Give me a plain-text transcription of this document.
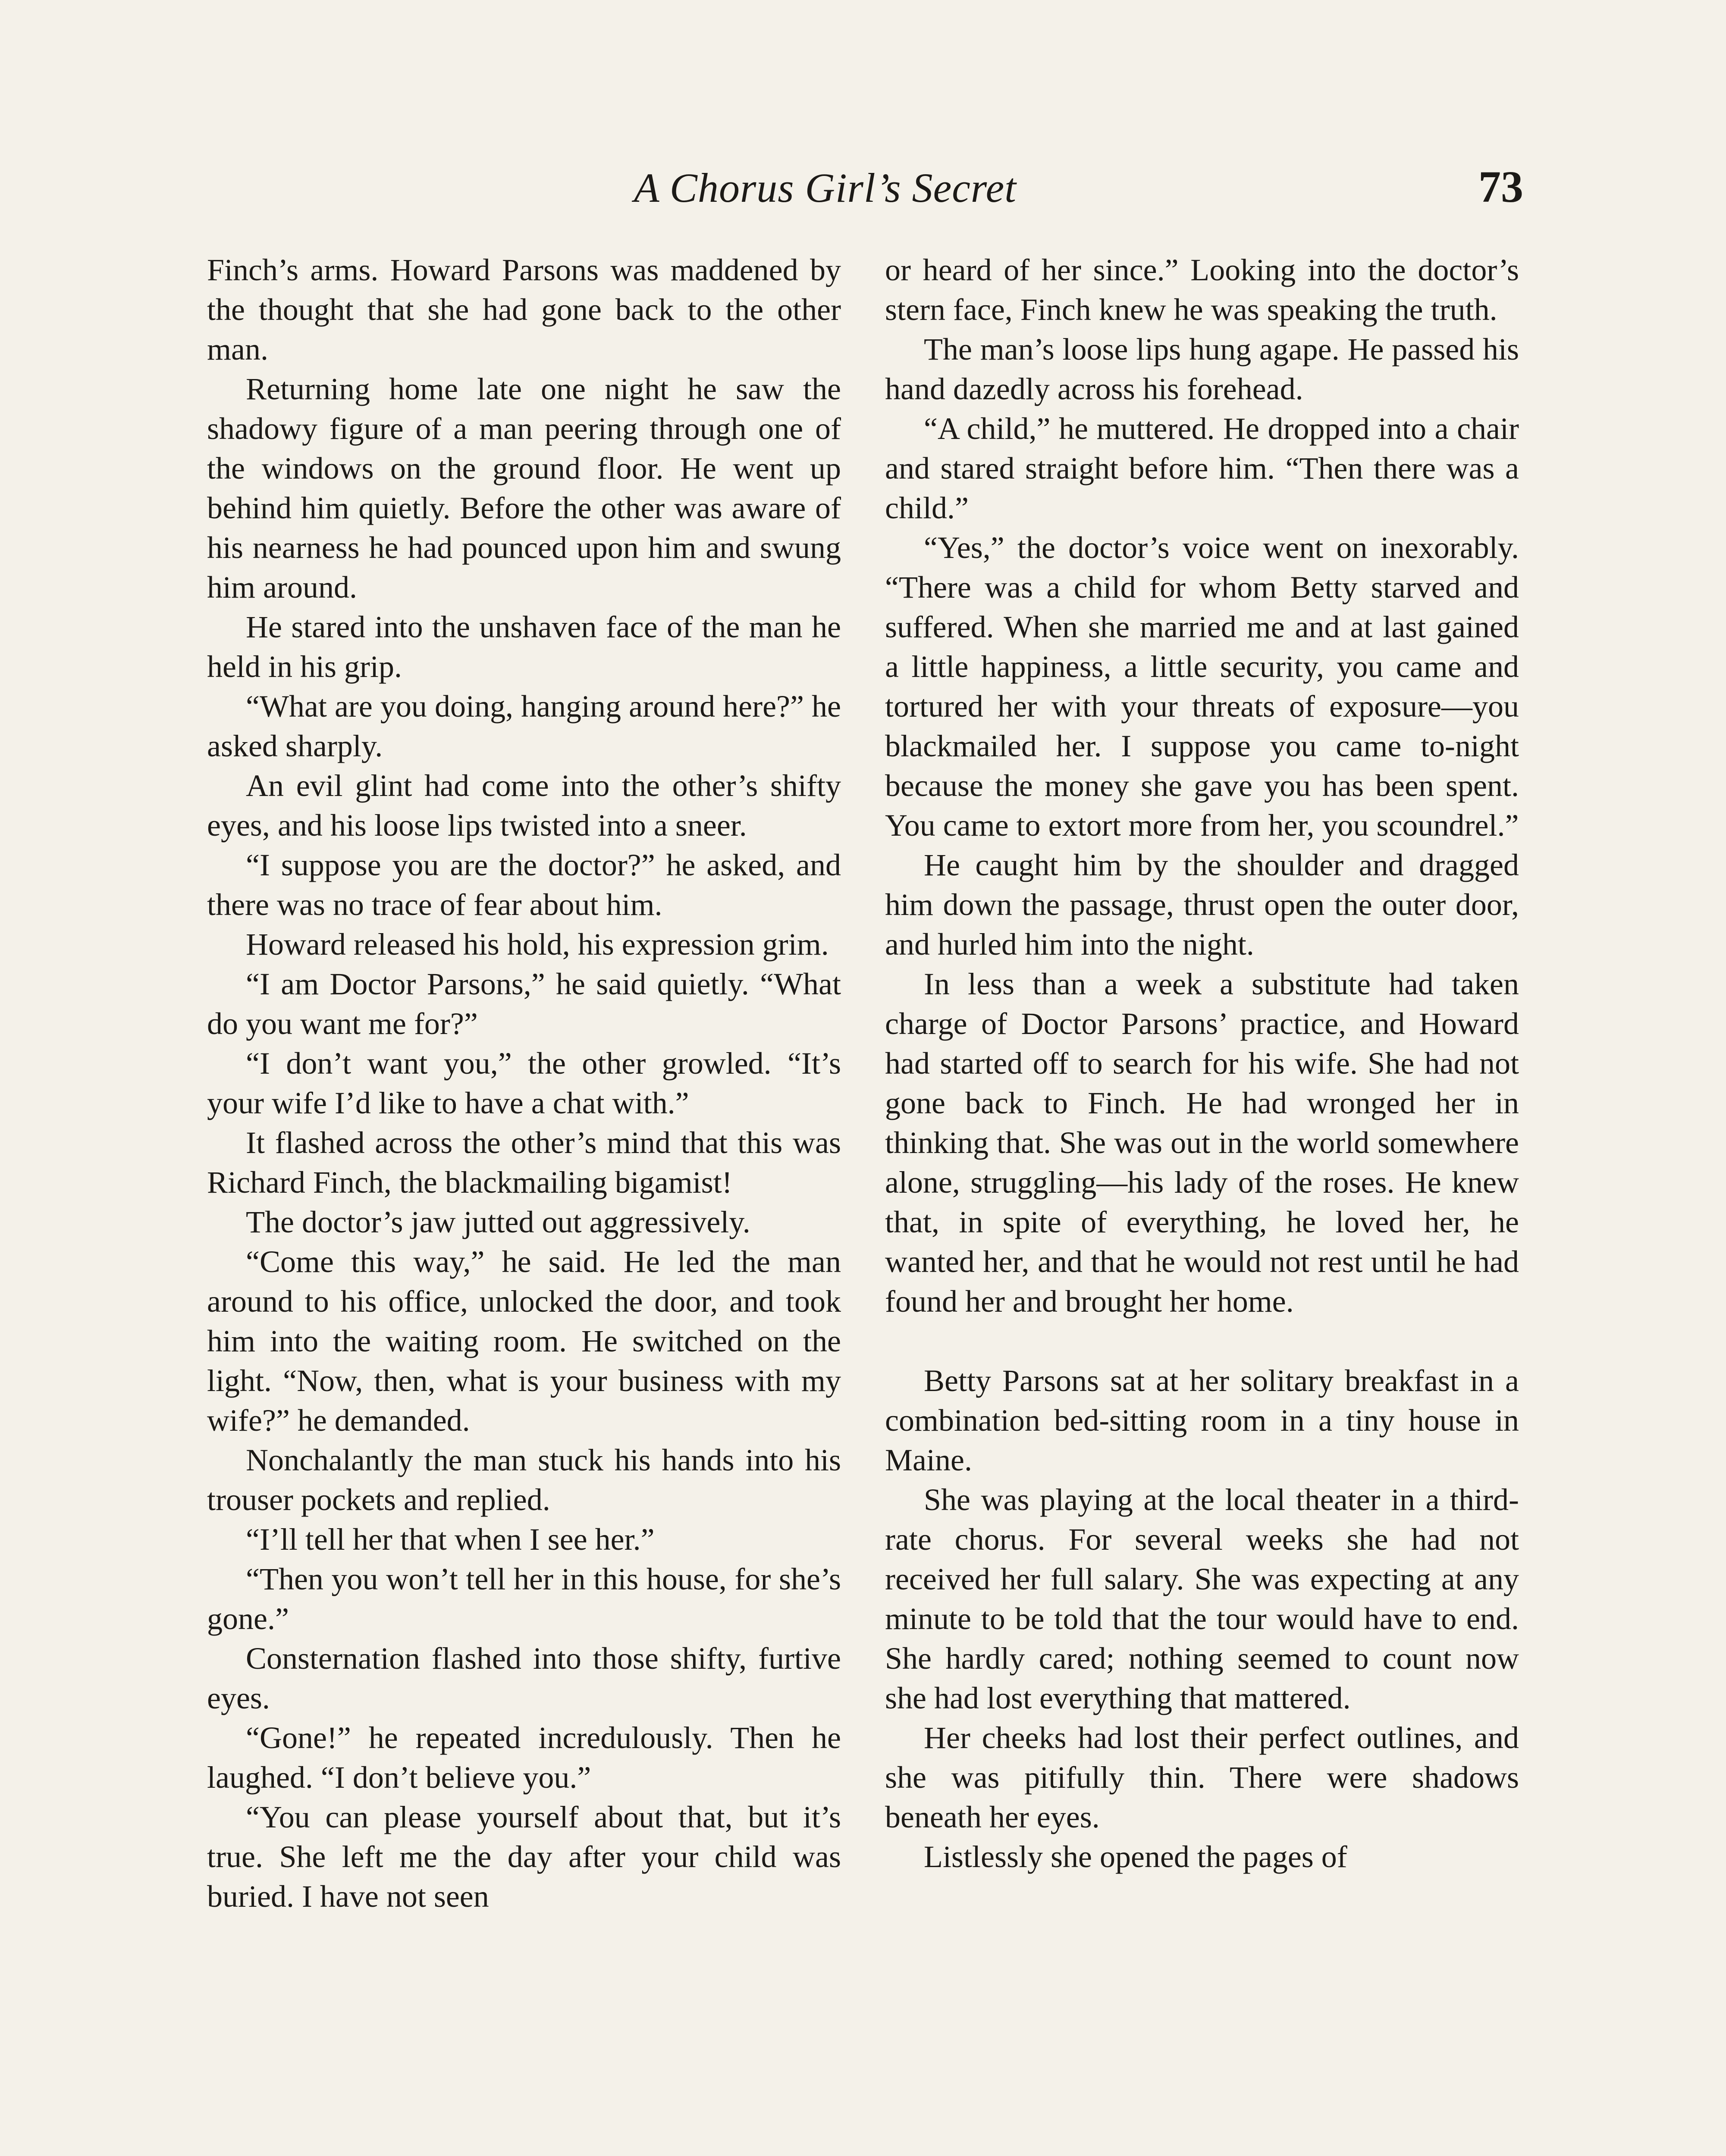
A Chorus Girl’s Secret	73

Finch’s arms. Howard Parsons was maddened by the thought that she had gone back to the other man.

Returning home late one night he saw the shadowy figure of a man peering through one of the windows on the ground floor. He went up behind him quietly. Before the other was aware of his nearness he had pounced upon him and swung him around.

He stared into the unshaven face of the man he held in his grip.

“What are you doing, hanging around here?” he asked sharply.

An evil glint had come into the other’s shifty eyes, and his loose lips twisted into a sneer.

“I suppose you are the doctor?” he asked, and there was no trace of fear about him.

Howard released his hold, his expression grim.

“I am Doctor Parsons,” he said quietly. “What do you want me for?”

“I don’t want you,” the other growled. “It’s your wife I’d like to have a chat with.”

It flashed across the other’s mind that this was Richard Finch, the blackmailing bigamist!

The doctor’s jaw jutted out aggressively.

“Come this way,” he said. He led the man around to his office, unlocked the door, and took him into the waiting room. He switched on the light. “Now, then, what is your business with my wife?” he demanded.

Nonchalantly the man stuck his hands into his trouser pockets and replied.

“I’ll tell her that when I see her.”

“Then you won’t tell her in this house, for she’s gone.”

Consternation flashed into those shifty, furtive eyes.

“Gone!” he repeated incredulously. Then he laughed. “I don’t believe you.”

“You can please yourself about that, but it’s true. She left me the day after your child was buried. I have not seen

or heard of her since.” Looking into the doctor’s stern face, Finch knew he was speaking the truth.

The man’s loose lips hung agape. He passed his hand dazedly across his forehead.

“A child,” he muttered. He dropped into a chair and stared straight before him. “Then there was a child.”

“Yes,” the doctor’s voice went on inexorably. “There was a child for whom Betty starved and suffered. When she married me and at last gained a little happiness, a little security, you came and tortured her with your threats of exposure—you blackmailed her. I suppose you came to-night because the money she gave you has been spent. You came to extort more from her, you scoundrel.”

He caught him by the shoulder and dragged him down the passage, thrust open the outer door, and hurled him into the night.

In less than a week a substitute had taken charge of Doctor Parsons’ practice, and Howard had started off to search for his wife. She had not gone back to Finch. He had wronged her in thinking that. She was out in the world somewhere alone, struggling—his lady of the roses. He knew that, in spite of everything, he loved her, he wanted her, and that he would not rest until he had found her and brought her home.

Betty Parsons sat at her solitary breakfast in a combination bed-sitting room in a tiny house in Maine.

She was playing at the local theater in a third-rate chorus. For several weeks she had not received her full salary. She was expecting at any minute to be told that the tour would have to end. She hardly cared; nothing seemed to count now she had lost everything that mattered.

Her cheeks had lost their perfect outlines, and she was pitifully thin. There were shadows beneath her eyes.

Listlessly she opened the pages of
